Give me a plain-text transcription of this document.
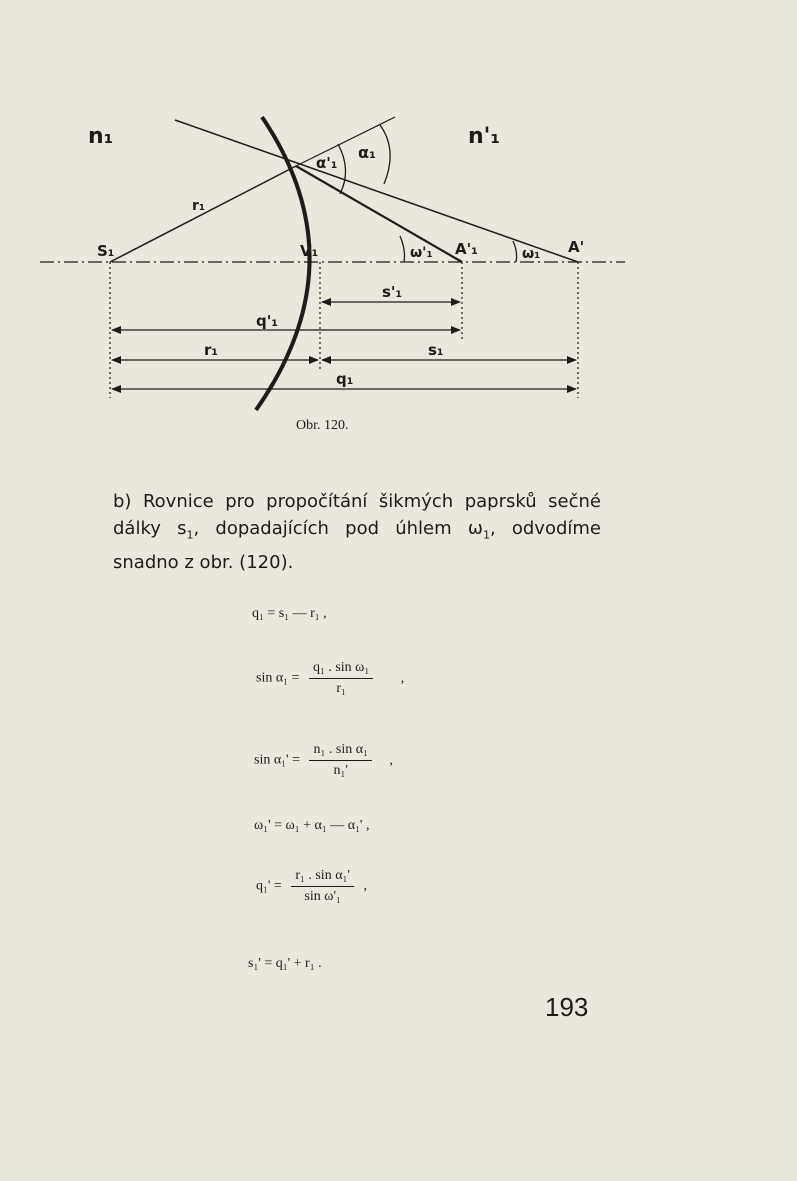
n₁	n'₁
r₁
α'₁
α₁
S₁	V₁	ω'₁ A'₁	ω₁ A'
s'₁
q'₁
r₁	s₁
q₁
Obr. 120.
b) Rovnice pro propočítání šikmých paprsků sečné dálky $s_1$, dopadajících pod úhlem $\omega_1$, odvodíme snadno z obr. (120).
q₁ = s₁ — r₁ ,
$\sin \alpha_1 = \frac{\text{q₁ . sin ω₁}}{\text{r₁}}$ ,
$\sin \alpha_1' = \frac{\text{n₁ . sin α₁}}{\text{n₁'}}$ ,
ω₁' = ω₁ + α₁ — α₁' ,
$q_1' = \frac{\text{r₁ . sin α₁'}}{\text{sin ω'₁}}$ ,
s₁' = q₁' + r₁ .
193
